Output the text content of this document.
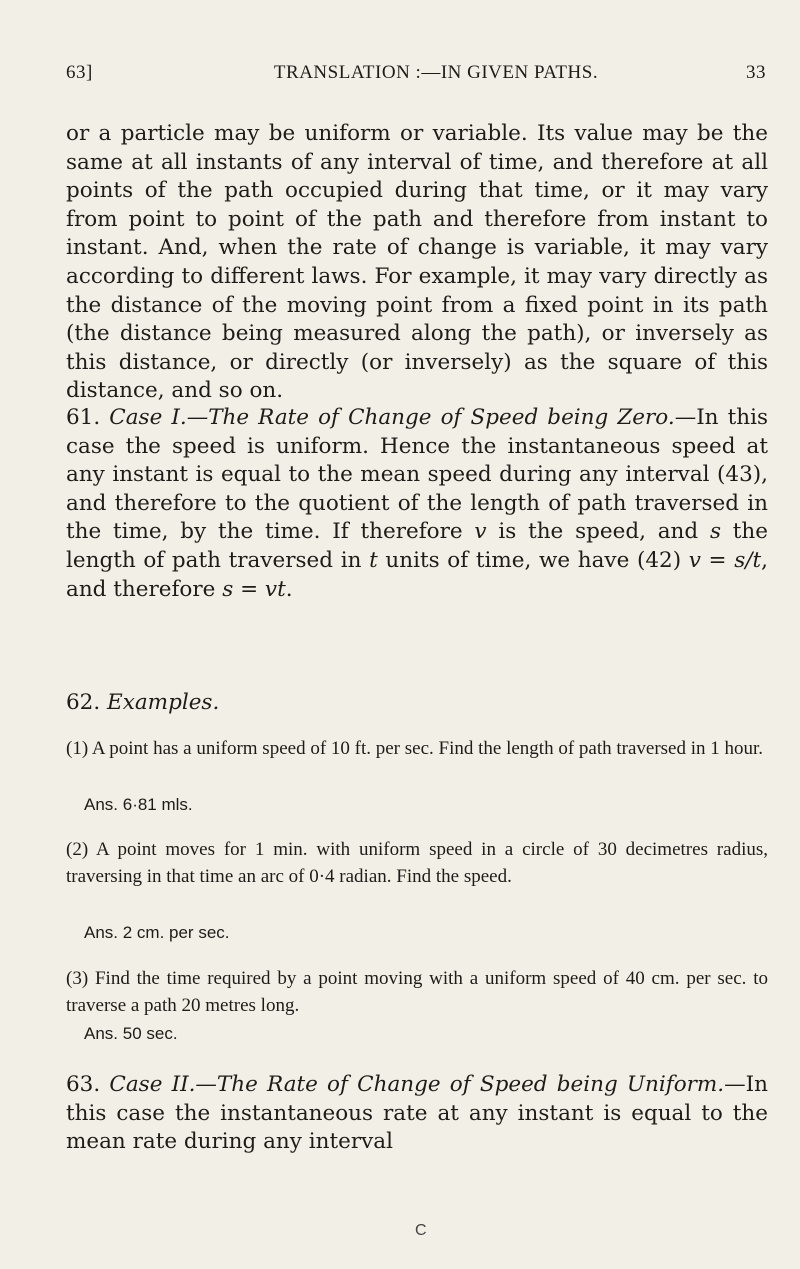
63]	TRANSLATION :—IN GIVEN PATHS.	33

or a particle may be uniform or variable. Its value may be the same at all instants of any interval of time, and therefore at all points of the path occupied during that time, or it may vary from point to point of the path and therefore from instant to instant. And, when the rate of change is variable, it may vary according to different laws. For example, it may vary directly as the distance of the moving point from a fixed point in its path (the distance being measured along the path), or inversely as this distance, or directly (or inversely) as the square of this distance, and so on.

61. Case I.—The Rate of Change of Speed being Zero.—In this case the speed is uniform. Hence the instantaneous speed at any instant is equal to the mean speed during any interval (43), and therefore to the quotient of the length of path traversed in the time, by the time. If therefore v is the speed, and s the length of path traversed in t units of time, we have (42) v = s/t, and therefore s = vt.

62. Examples.

(1) A point has a uniform speed of 10 ft. per sec. Find the length of path traversed in 1 hour.

Ans. 6·81 mls.

(2) A point moves for 1 min. with uniform speed in a circle of 30 decimetres radius, traversing in that time an arc of 0·4 radian. Find the speed.

Ans. 2 cm. per sec.

(3) Find the time required by a point moving with a uniform speed of 40 cm. per sec. to traverse a path 20 metres long.

Ans. 50 sec.

63. Case II.—The Rate of Change of Speed being Uniform.—In this case the instantaneous rate at any instant is equal to the mean rate during any interval

C
